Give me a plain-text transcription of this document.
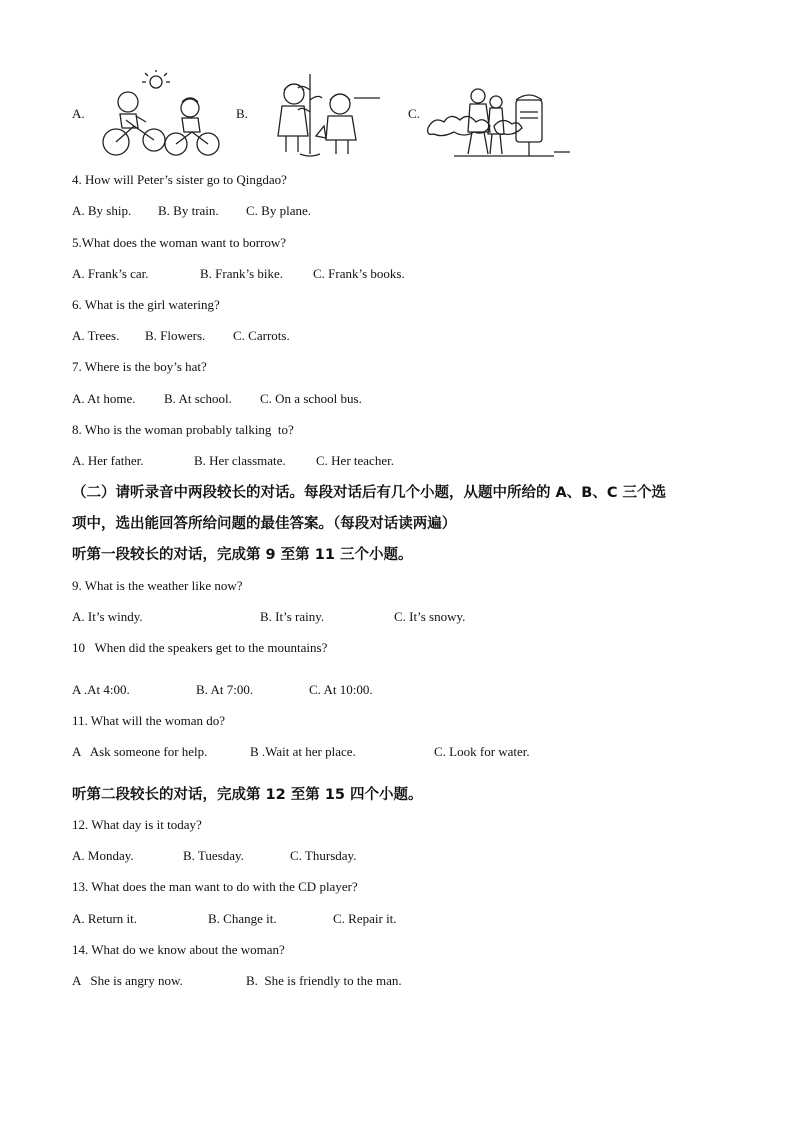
A.	B.	C.
4. How will Peter’s sister go to Qingdao?
A. By ship. B. By train. C. By plane.
5.What does the woman want to borrow?
A. Frank’s car.	B. Frank’s bike. C. Frank’s books.
6. What is the girl watering?
A. Trees. B. Flowers. C. Carrots.
7. Where is the boy’s hat?
A. At home. B. At school. C. On a school bus.
8. Who is the woman probably talking  to?
A. Her father.	B. Her classmate. C. Her teacher.
（二）请听录音中两段较长的对话。每段对话后有几个小题，从题中所给的 A、B、C 三个选
项中，选出能回答所给问题的最佳答案。（每段对话读两遍）
听第一段较长的对话，完成第 9 至第 11 三个小题。
9. What is the weather like now?
A. It’s windy.	B. It’s rainy.	C. It’s snowy.
10   When did the speakers get to the mountains?
A .At 4:00.	B. At 7:00.	C. At 10:00.
11. What will the woman do?
A   Ask someone for help.	B .Wait at her place.	C. Look for water.
听第二段较长的对话，完成第 12 至第 15 四个小题。
12. What day is it today?
A. Monday.	B. Tuesday.	C. Thursday.
13. What does the man want to do with the CD player?
A. Return it.	B. Change it.	C. Repair it.
14. What do we know about the woman?
A   She is angry now.	B.  She is friendly to the man.
